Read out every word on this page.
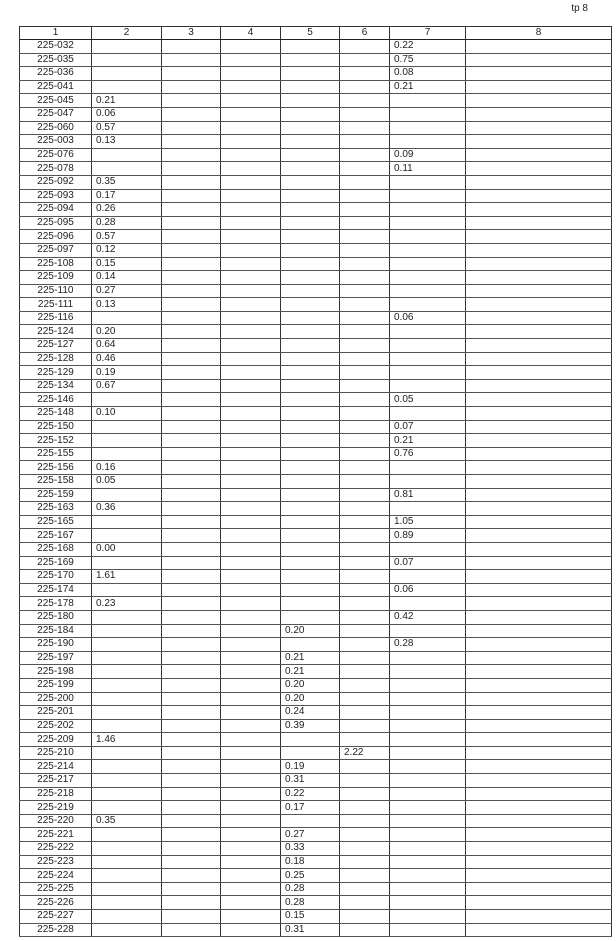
tp 8
1	2	3	4	5	6	7	8
225-032						0.22	
225-035						0.75	
225-036						0.08	
225-041						0.21	
225-045	0.21						
225-047	0.06						
225-060	0.57						
225-003	0.13						
225-076						0.09	
225-078						0.11	
225-092	0.35						
225-093	0.17						
225-094	0.26						
225-095	0.28						
225-096	0.57						
225-097	0.12						
225-108	0.15						
225-109	0.14						
225-110	0.27						
225-111	0.13						
225-116						0.06	
225-124	0.20						
225-127	0.64						
225-128	0.46						
225-129	0.19						
225-134	0.67						
225-146						0.05	
225-148	0.10						
225-150						0.07	
225-152						0.21	
225-155						0.76	
225-156	0.16						
225-158	0.05						
225-159						0.81	
225-163	0.36						
225-165						1.05	
225-167						0.89	
225-168	0.00						
225-169						0.07	
225-170	1.61						
225-174						0.06	
225-178	0.23						
225-180						0.42	
225-184				0.20			
225-190						0.28	
225-197				0.21			
225-198				0.21			
225-199				0.20			
225-200				0.20			
225-201				0.24			
225-202				0.39			
225-209	1.46						
225-210					2.22		
225-214				0.19			
225-217				0.31			
225-218				0.22			
225-219				0.17			
225-220	0.35						
225-221				0.27			
225-222				0.33			
225-223				0.18			
225-224				0.25			
225-225				0.28			
225-226				0.28			
225-227				0.15			
225-228				0.31			
